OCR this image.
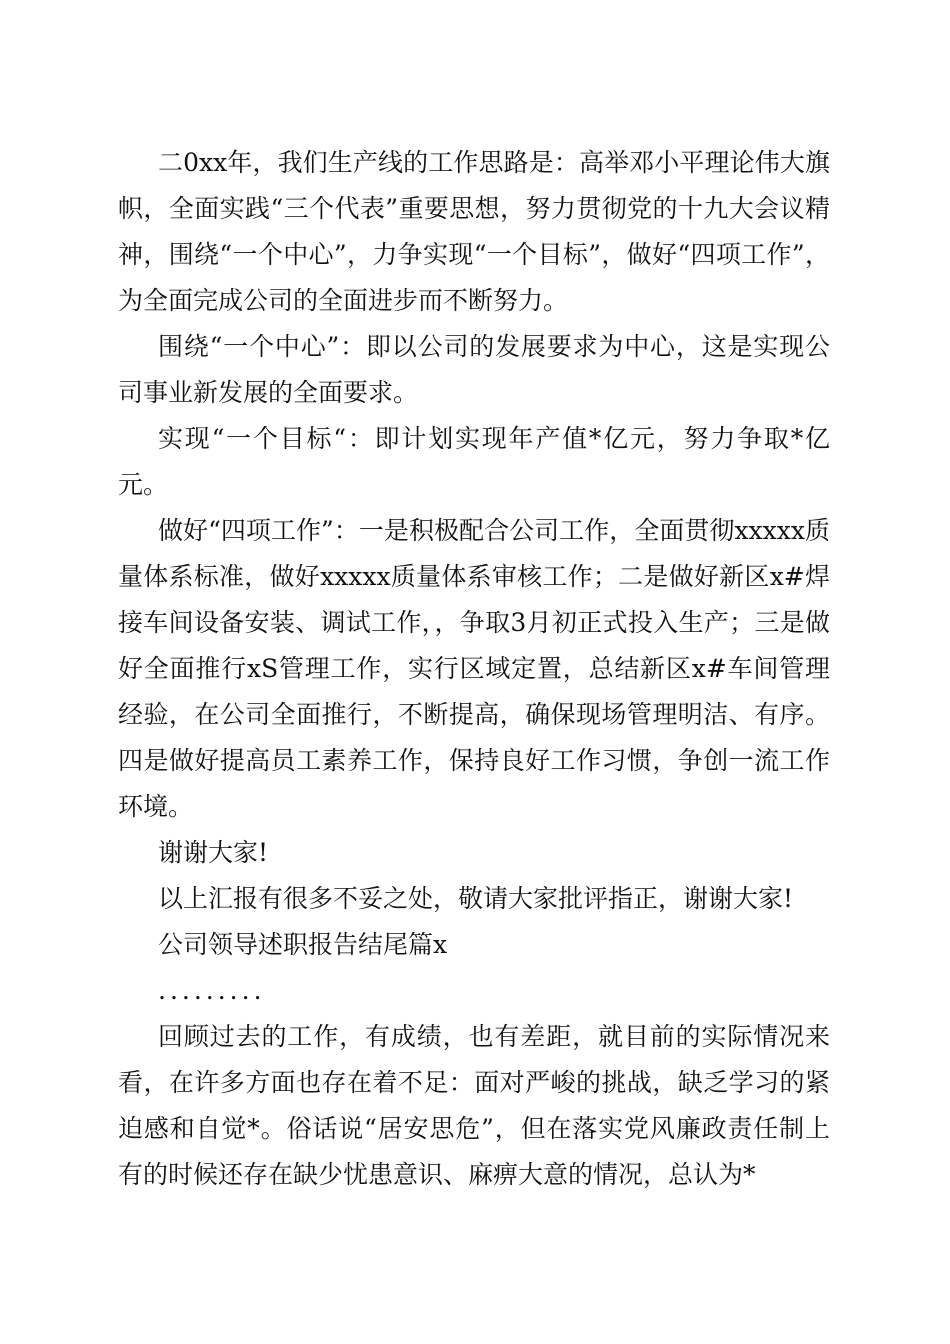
二0xx年，我们生产线的工作思路是：高举邓小平理论伟大旗帜，全面实践“三个代表”重要思想，努力贯彻党的十九大会议精神，围绕“一个中心”，力争实现“一个目标”，做好“四项工作”，为全面完成公司的全面进步而不断努力。

围绕“一个中心”：即以公司的发展要求为中心，这是实现公司事业新发展的全面要求。

实现“一个目标“：即计划实现年产值*亿元，努力争取*亿元。

做好“四项工作”：一是积极配合公司工作，全面贯彻xxxxx质量体系标准，做好xxxxx质量体系审核工作；二是做好新区x#焊接车间设备安装、调试工作，，争取3月初正式投入生产；三是做好全面推行xS管理工作，实行区域定置，总结新区x#车间管理经验，在公司全面推行，不断提高，确保现场管理明洁、有序。四是做好提高员工素养工作，保持良好工作习惯，争创一流工作环境。

谢谢大家!

以上汇报有很多不妥之处，敬请大家批评指正，谢谢大家!

公司领导述职报告结尾篇x

.........

回顾过去的工作，有成绩，也有差距，就目前的实际情况来看，在许多方面也存在着不足：面对严峻的挑战，缺乏学习的紧迫感和自觉*。俗话说“居安思危”，但在落实党风廉政责任制上有的时候还存在缺少忧患意识、麻痹大意的情况，总认为*
